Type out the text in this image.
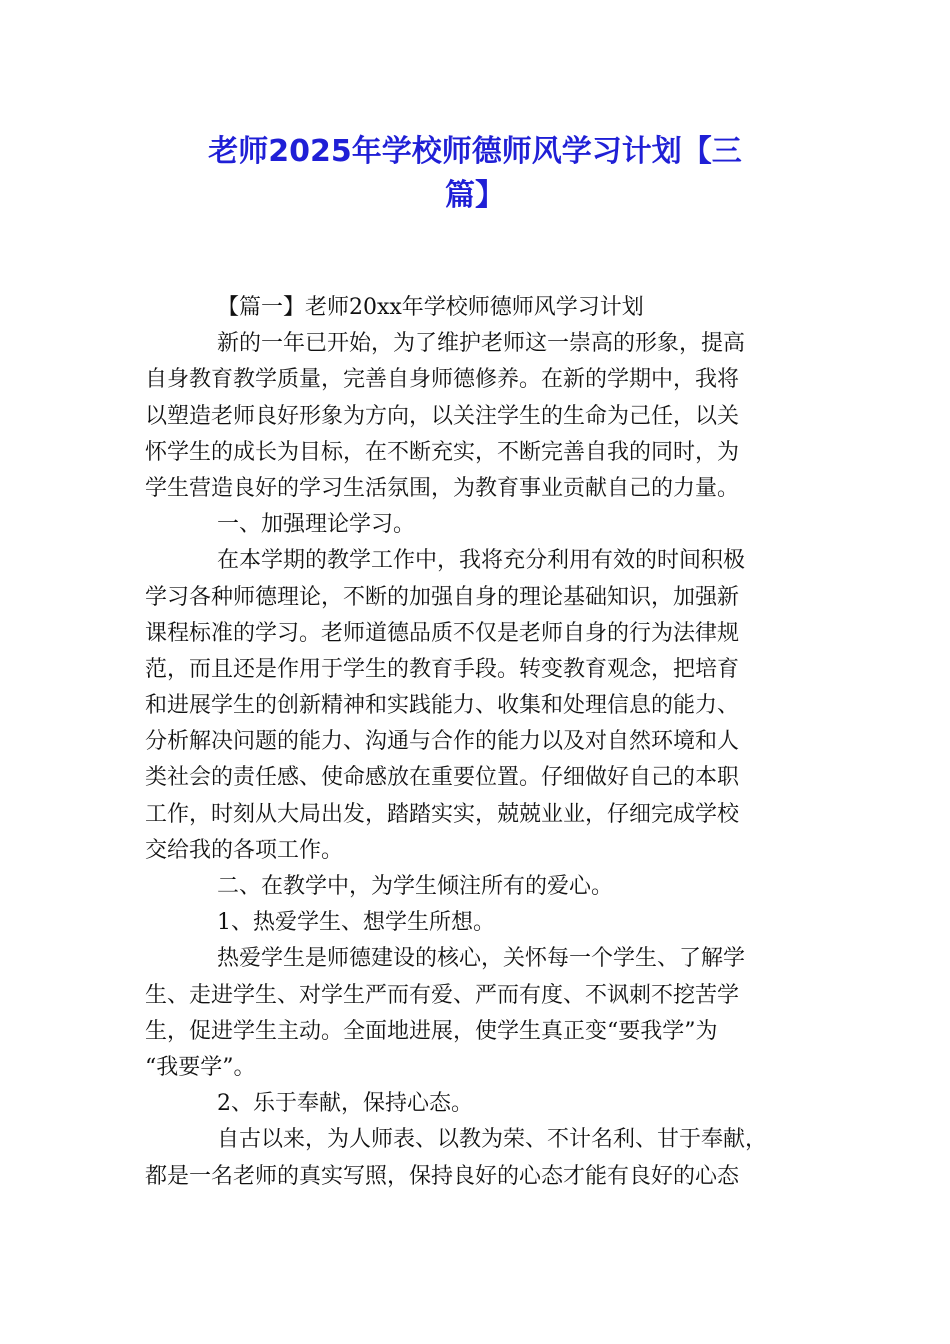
老师2025年学校师德师风学习计划【三
篇】
【篇一】老师20xx年学校师德师风学习计划
新的一年已开始，为了维护老师这一崇高的形象，提高
自身教育教学质量，完善自身师德修养。在新的学期中，我将
以塑造老师良好形象为方向，以关注学生的生命为己任，以关
怀学生的成长为目标，在不断充实，不断完善自我的同时，为
学生营造良好的学习生活氛围，为教育事业贡献自己的力量。
一、加强理论学习。
在本学期的教学工作中，我将充分利用有效的时间积极
学习各种师德理论，不断的加强自身的理论基础知识，加强新
课程标准的学习。老师道德品质不仅是老师自身的行为法律规
范，而且还是作用于学生的教育手段。转变教育观念，把培育
和进展学生的创新精神和实践能力、收集和处理信息的能力、
分析解决问题的能力、沟通与合作的能力以及对自然环境和人
类社会的责任感、使命感放在重要位置。仔细做好自己的本职
工作，时刻从大局出发，踏踏实实，兢兢业业，仔细完成学校
交给我的各项工作。
二、在教学中，为学生倾注所有的爱心。
1、热爱学生、想学生所想。
热爱学生是师德建设的核心，关怀每一个学生、了解学
生、走进学生、对学生严而有爱、严而有度、不讽刺不挖苦学
生，促进学生主动。全面地进展，使学生真正变“要我学”为
“我要学”。
2、乐于奉献，保持心态。
自古以来，为人师表、以教为荣、不计名利、甘于奉献，
都是一名老师的真实写照，保持良好的心态才能有良好的心态
